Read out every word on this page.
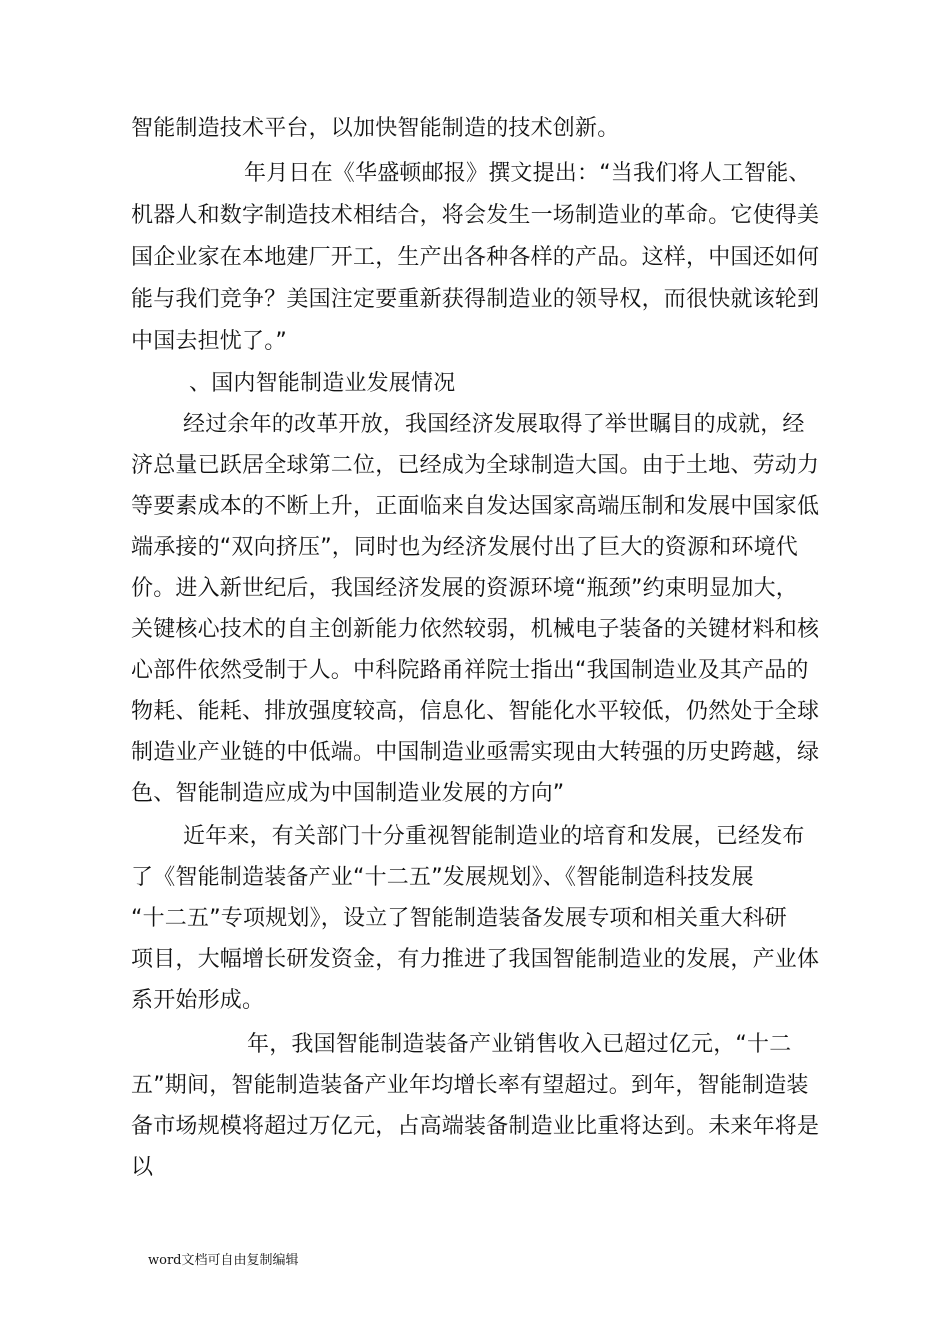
智能制造技术平台，以加快智能制造的技术创新。
年月日在《华盛顿邮报》撰文提出：“当我们将人工智能、
机器人和数字制造技术相结合，将会发生一场制造业的革命。它使得美
国企业家在本地建厂开工，生产出各种各样的产品。这样，中国还如何
能与我们竞争？美国注定要重新获得制造业的领导权，而很快就该轮到
中国去担忧了。”
、国内智能制造业发展情况
经过余年的改革开放，我国经济发展取得了举世瞩目的成就，经
济总量已跃居全球第二位，已经成为全球制造大国。由于土地、劳动力
等要素成本的不断上升，正面临来自发达国家高端压制和发展中国家低
端承接的“双向挤压”，同时也为经济发展付出了巨大的资源和环境代
价。进入新世纪后，我国经济发展的资源环境“瓶颈”约束明显加大，
关键核心技术的自主创新能力依然较弱，机械电子装备的关键材料和核
心部件依然受制于人。中科院路甬祥院士指出“我国制造业及其产品的
物耗、能耗、排放强度较高，信息化、智能化水平较低，仍然处于全球
制造业产业链的中低端。中国制造业亟需实现由大转强的历史跨越，绿
色、智能制造应成为中国制造业发展的方向”
近年来，有关部门十分重视智能制造业的培育和发展，已经发布
了《智能制造装备产业“十二五”发展规划》、《智能制造科技发展
“十二五”专项规划》，设立了智能制造装备发展专项和相关重大科研
项目，大幅增长研发资金，有力推进了我国智能制造业的发展，产业体
系开始形成。
年，我国智能制造装备产业销售收入已超过亿元，“十二
五”期间，智能制造装备产业年均增长率有望超过。到年，智能制造装
备市场规模将超过万亿元，占高端装备制造业比重将达到。未来年将是
以
word文档可自由复制编辑
